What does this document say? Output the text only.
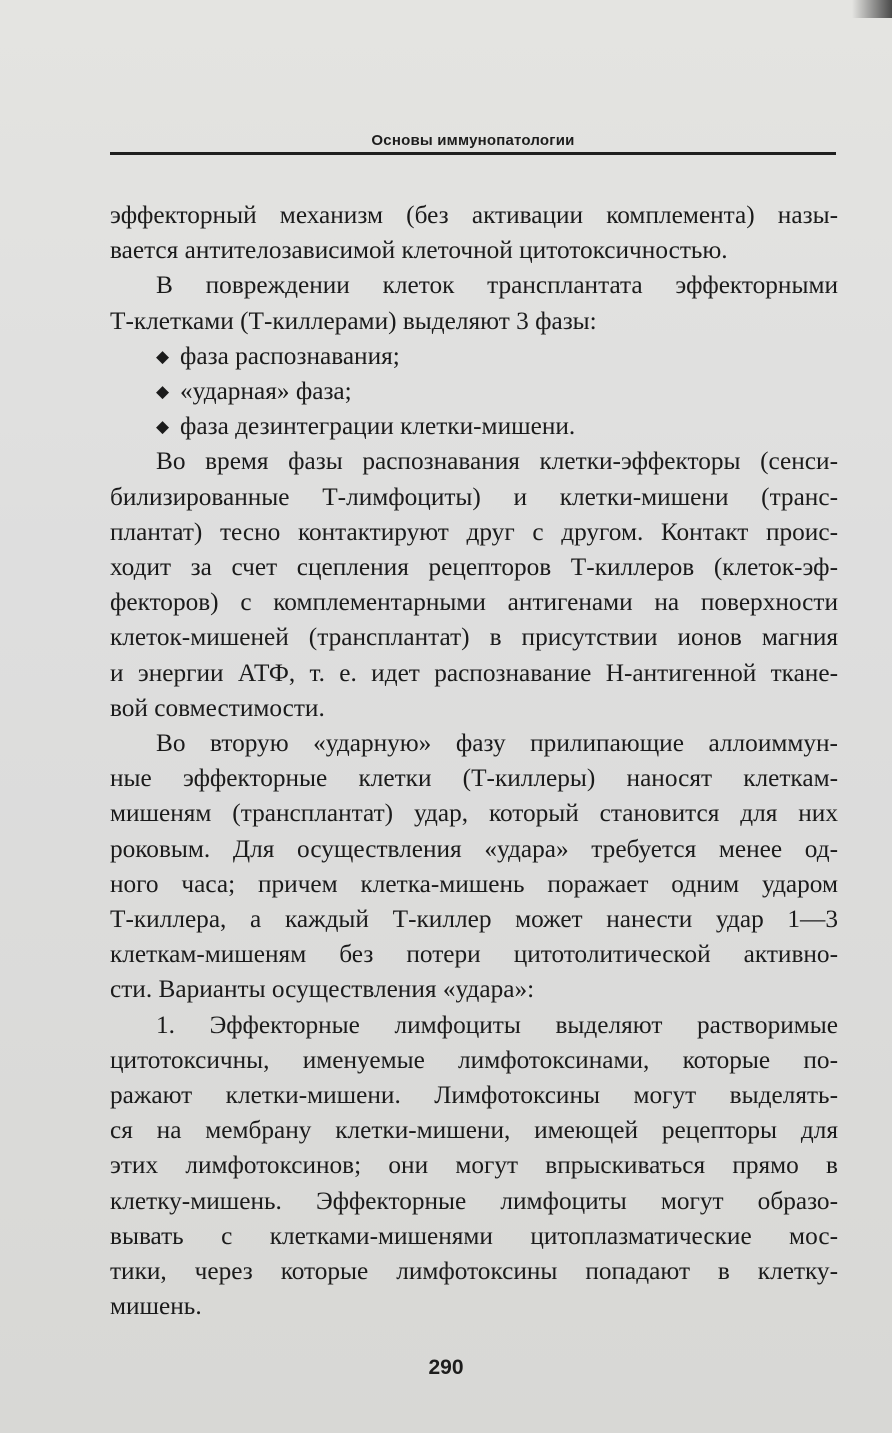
Основы иммунопатологии
эффекторный механизм (без активации комплемента) назы-
вается антителозависимой клеточной цитотоксичностью.
В повреждении клеток трансплантата эффекторными
Т-клетками (Т-киллерами) выделяют 3 фазы:
◆ фаза распознавания;
◆ «ударная» фаза;
◆ фаза дезинтеграции клетки-мишени.
Во время фазы распознавания клетки-эффекторы (сенси-
билизированные Т-лимфоциты) и клетки-мишени (транс-
плантат) тесно контактируют друг с другом. Контакт проис-
ходит за счет сцепления рецепторов Т-киллеров (клеток-эф-
фекторов) с комплементарными антигенами на поверхности
клеток-мишеней (трансплантат) в присутствии ионов магния
и энергии АТФ, т. е. идет распознавание Н-антигенной ткане-
вой совместимости.
Во вторую «ударную» фазу прилипающие аллоиммун-
ные эффекторные клетки (Т-киллеры) наносят клеткам-
мишеням (трансплантат) удар, который становится для них
роковым. Для осуществления «удара» требуется менее од-
ного часа; причем клетка-мишень поражает одним ударом
Т-киллера, а каждый Т-киллер может нанести удар 1—3
клеткам-мишеням без потери цитотолитической активно-
сти. Варианты осуществления «удара»:
1. Эффекторные лимфоциты выделяют растворимые
цитотоксичны, именуемые лимфотоксинами, которые по-
ражают клетки-мишени. Лимфотоксины могут выделять-
ся на мембрану клетки-мишени, имеющей рецепторы для
этих лимфотоксинов; они могут впрыскиваться прямо в
клетку-мишень. Эффекторные лимфоциты могут образо-
вывать с клетками-мишенями цитоплазматические мос-
тики, через которые лимфотоксины попадают в клетку-
мишень.
290
